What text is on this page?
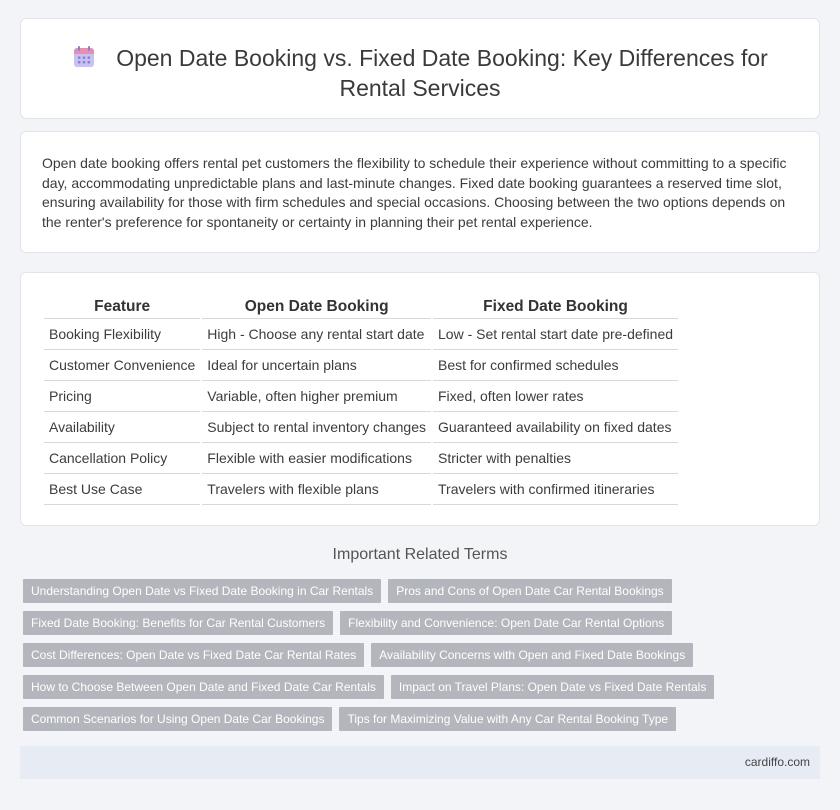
Open Date Booking vs. Fixed Date Booking: Key Differences for Rental Services

Open date booking offers rental pet customers the flexibility to schedule their experience without committing to a specific day, accommodating unpredictable plans and last-minute changes. Fixed date booking guarantees a reserved time slot, ensuring availability for those with firm schedules and special occasions. Choosing between the two options depends on the renter's preference for spontaneity or certainty in planning their pet rental experience.

Feature	Open Date Booking	Fixed Date Booking
Booking Flexibility	High - Choose any rental start date	Low - Set rental start date pre-defined
Customer Convenience	Ideal for uncertain plans	Best for confirmed schedules
Pricing	Variable, often higher premium	Fixed, often lower rates
Availability	Subject to rental inventory changes	Guaranteed availability on fixed dates
Cancellation Policy	Flexible with easier modifications	Stricter with penalties
Best Use Case	Travelers with flexible plans	Travelers with confirmed itineraries
Important Related Terms
Understanding Open Date vs Fixed Date Booking in Car Rentals	Pros and Cons of Open Date Car Rental Bookings
Fixed Date Booking: Benefits for Car Rental Customers	Flexibility and Convenience: Open Date Car Rental Options
Cost Differences: Open Date vs Fixed Date Car Rental Rates	Availability Concerns with Open and Fixed Date Bookings
How to Choose Between Open Date and Fixed Date Car Rentals	Impact on Travel Plans: Open Date vs Fixed Date Rentals
Common Scenarios for Using Open Date Car Bookings	Tips for Maximizing Value with Any Car Rental Booking Type
cardiffo.com
